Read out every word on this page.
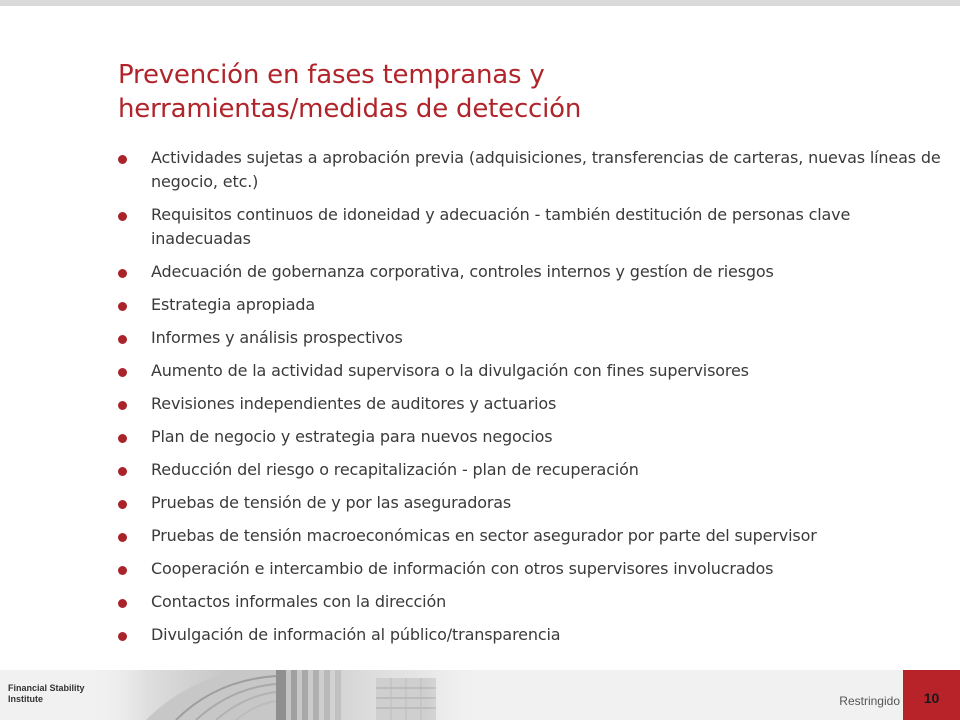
Prevención en fases tempranas y
herramientas/medidas de detección
Actividades sujetas a aprobación previa (adquisiciones, transferencias de carteras, nuevas líneas de negocio, etc.)
Requisitos continuos de idoneidad y adecuación - también destitución de personas clave inadecuadas
Adecuación de gobernanza corporativa, controles internos y gestíon de riesgos
Estrategia apropiada
Informes y análisis prospectivos
Aumento de la actividad supervisora o la divulgación con fines supervisores
Revisiones independientes de auditores y actuarios
Plan de negocio y estrategia para nuevos negocios
Reducción del riesgo o recapitalización - plan de recuperación
Pruebas de tensión de y por las aseguradoras
Pruebas de tensión macroeconómicas en sector asegurador por parte del supervisor
Cooperación e intercambio de información con otros supervisores involucrados
Contactos informales con la dirección
Divulgación de información al público/transparencia
Financial Stability
Institute	Restringido	10
